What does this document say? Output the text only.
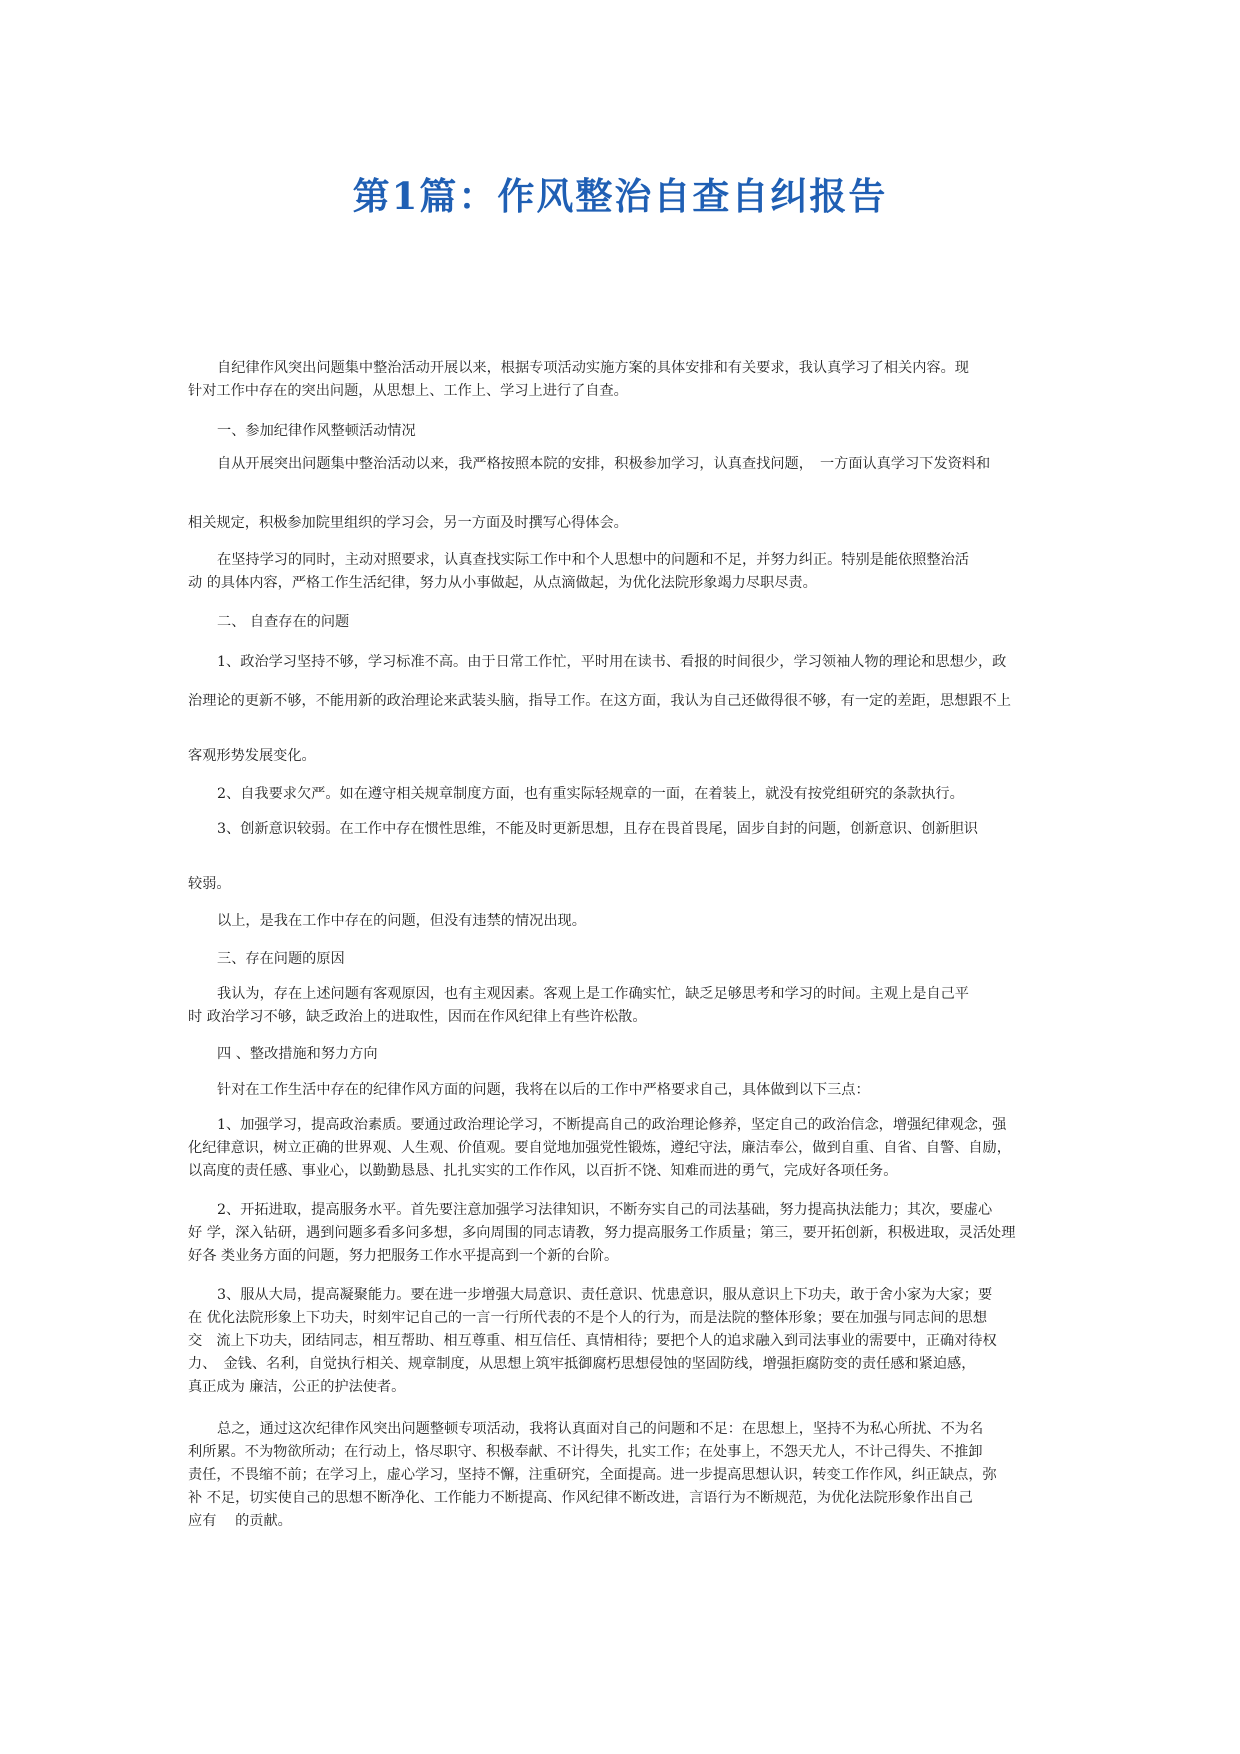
第1篇：作风整治自查自纠报告
自纪律作风突出问题集中整治活动开展以来，根据专项活动实施方案的具体安排和有关要求，我认真学习了相关内容。现
针对工作中存在的突出问题，从思想上、工作上、学习上进行了自查。
一、参加纪律作风整顿活动情况
自从开展突出问题集中整治活动以来，我严格按照本院的安排，积极参加学习，认真查找问题，　一方面认真学习下发资料和
相关规定，积极参加院里组织的学习会，另一方面及时撰写心得体会。
在坚持学习的同时，主动对照要求，认真查找实际工作中和个人思想中的问题和不足，并努力纠正。特别是能依照整治活
动 的具体内容，严格工作生活纪律，努力从小事做起，从点滴做起，为优化法院形象竭力尽职尽责。
二、 自查存在的问题
1、政治学习坚持不够，学习标准不高。由于日常工作忙，平时用在读书、看报的时间很少，学习领袖人物的理论和思想少，政
治理论的更新不够，不能用新的政治理论来武装头脑，指导工作。在这方面，我认为自己还做得很不够，有一定的差距，思想跟不上
客观形势发展变化。
2、自我要求欠严。如在遵守相关规章制度方面，也有重实际轻规章的一面，在着装上，就没有按党组研究的条款执行。
3、创新意识较弱。在工作中存在惯性思维，不能及时更新思想，且存在畏首畏尾，固步自封的问题，创新意识、创新胆识
较弱。
以上，是我在工作中存在的问题，但没有违禁的情况出现。
三、存在问题的原因
我认为，存在上述问题有客观原因，也有主观因素。客观上是工作确实忙，缺乏足够思考和学习的时间。主观上是自己平
时 政治学习不够，缺乏政治上的进取性，因而在作风纪律上有些许松散。
四 、整改措施和努力方向
针对在工作生活中存在的纪律作风方面的问题，我将在以后的工作中严格要求自己，具体做到以下三点：
1、加强学习，提高政治素质。要通过政治理论学习，不断提高自己的政治理论修养，坚定自己的政治信念，增强纪律观念，强
化纪律意识，树立正确的世界观、人生观、价值观。要自觉地加强党性锻炼，遵纪守法，廉洁奉公，做到自重、自省、自警、自励，
以高度的责任感、事业心，以勤勤恳恳、扎扎实实的工作作风，以百折不饶、知难而进的勇气，完成好各项任务。
2、开拓进取，提高服务水平。首先要注意加强学习法律知识，不断夯实自己的司法基础，努力提高执法能力；其次，要虚心
好 学，深入钻研，遇到问题多看多问多想，多向周围的同志请教，努力提高服务工作质量；第三，要开拓创新，积极进取，灵活处理
好各 类业务方面的问题，努力把服务工作水平提高到一个新的台阶。
3、服从大局，提高凝聚能力。要在进一步增强大局意识、责任意识、忧患意识，服从意识上下功夫，敢于舍小家为大家；要
在 优化法院形象上下功夫，时刻牢记自己的一言一行所代表的不是个人的行为，而是法院的整体形象；要在加强与同志间的思想
交　流上下功夫，团结同志，相互帮助、相互尊重、相互信任、真情相待；要把个人的追求融入到司法事业的需要中，正确对待权
力、　金钱、名利，自觉执行相关、规章制度，从思想上筑牢抵御腐朽思想侵蚀的坚固防线，增强拒腐防变的责任感和紧迫感，
真正成为 廉洁，公正的护法使者。
总之，通过这次纪律作风突出问题整顿专项活动，我将认真面对自己的问题和不足：在思想上，坚持不为私心所扰、不为名
利所累。不为物欲所动；在行动上，恪尽职守、积极奉献、不计得失，扎实工作；在处事上，不怨天尤人，不计己得失、不推卸
责任，不畏缩不前；在学习上，虚心学习，坚持不懈，注重研究，全面提高。进一步提高思想认识，转变工作作风，纠正缺点，弥
补 不足，切实使自己的思想不断净化、工作能力不断提高、作风纪律不断改进，言语行为不断规范，为优化法院形象作出自己
应有　 的贡献。
